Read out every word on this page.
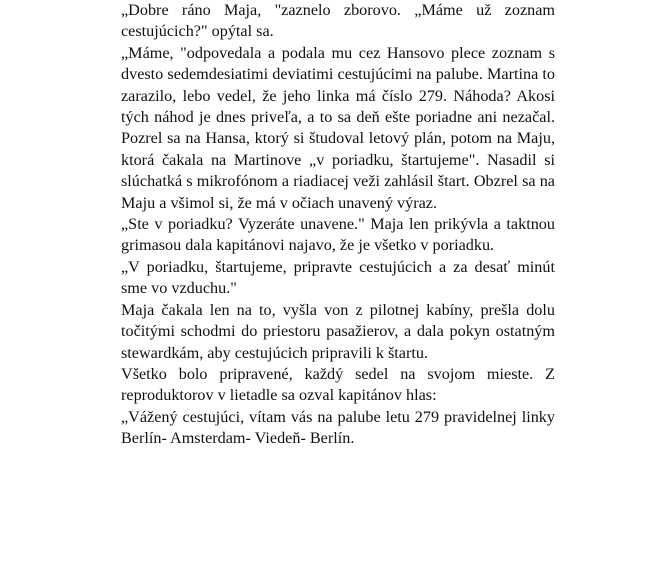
„Dobre ráno Maja, "zaznelo zborovo. „Máme už zoznam cestujúcich?" opýtal sa.

„Máme, "odpovedala a podala mu cez Hansovo plece zoznam s dvesto sedemdesiatimi deviatimi cestujúcimi na palube. Martina to zarazilo, lebo vedel, že jeho linka má číslo 279. Náhoda? Akosi tých náhod je dnes priveľa, a to sa deň ešte poriadne ani nezačal. Pozrel sa na Hansa, ktorý si študoval letový plán, potom na Maju, ktorá čakala na Martinove „v poriadku, štartujeme". Nasadil si slúchatká s mikrofónom a riadiacej veži zahlásil štart. Obzrel sa na Maju a všimol si, že má v očiach unavený výraz.

„Ste v poriadku? Vyzeráte unavene." Maja len prikývla a taktnou grimasou dala kapitánovi najavo, že je všetko v poriadku.

„V poriadku, štartujeme, pripravte cestujúcich a za desať minút sme vo vzduchu."

Maja čakala len na to, vyšla von z pilotnej kabíny, prešla dolu točitými schodmi do priestoru pasažierov, a dala pokyn ostatným stewardkám, aby cestujúcich pripravili k štartu.

Všetko bolo pripravené, každý sedel na svojom mieste. Z reproduktorov v lietadle sa ozval kapitánov hlas:

„Vážený cestujúci, vítam vás na palube letu 279 pravidelnej linky Berlín- Amsterdam- Viedeň- Berlín.
